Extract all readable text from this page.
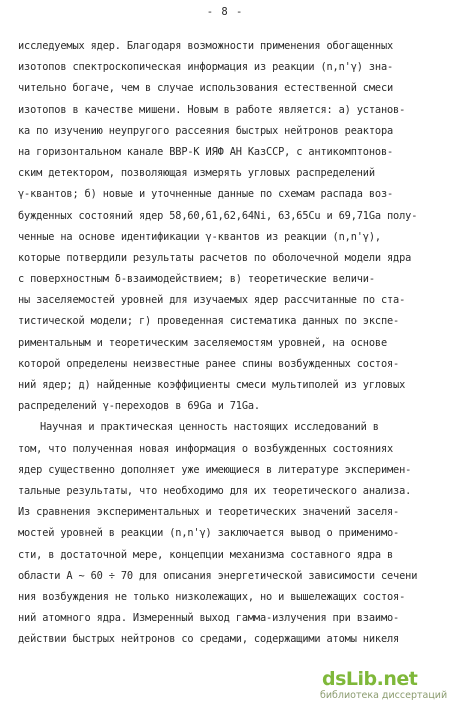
- 8 -
исследуемых ядер. Благодаря возможности применения обогащенных
изотопов спектроскопическая информация из реакции (n,n'γ) зна-
чительно богаче, чем в случае использования естественной смеси
изотопов в качестве мишени. Новым в работе является: а) установ-
ка по изучению неупругого рассеяния быстрых нейтронов реактора
на горизонтальном канале ВВР-К ИЯФ АН КазССР, с антикомптонов-
ским детектором, позволяющая измерять угловых распределений
γ-квантов; б) новые и уточненные данные по схемам распада воз-
бужденных состояний ядер 58,60,61,62,64Ni, 63,65Cu и 69,71Ga полу-
ченные на основе идентификации γ-квантов из реакции (n,n'γ),
которые потвердили результаты расчетов по оболочечной модели ядра
с поверхностным δ-взаимодействием; в) теоретические величи-
ны заселяемостей уровней для изучаемых ядер рассчитанные по ста-
тистической модели; г) проведенная систематика данных по экспе-
риментальным и теоретическим заселяемостям уровней, на основе
которой определены неизвестные ранее спины возбужденных состоя-
ний ядер; д) найденные коэффициенты смеси мультиполей из угловых
распределений γ-переходов в 69Ga и 71Ga.
Научная и практическая ценность настоящих исследований в
том, что полученная новая информация о возбужденных состояниях
ядер существенно дополняет уже имеющиеся в литературе эксперимен-
тальные результаты, что необходимо для их теоретического анализа.
Из сравнения экспериментальных и теоретических значений заселя-
мостей уровней в реакции (n,n'γ) заключается вывод о применимо-
сти, в достаточной мере, концепции механизма составного ядра в
области A ~ 60 ÷ 70 для описания энергетической зависимости сечени
ния возбуждения не только низколежащих, но и вышележащих состоя-
ний атомного ядра. Измеренный выход гамма-излучения при взаимо-
действии быстрых нейтронов со средами, содержащими атомы никеля
dsLib.net
библиотека диссертаций
